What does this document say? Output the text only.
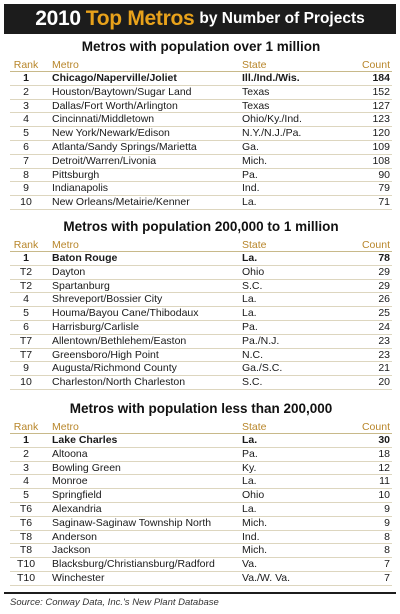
2010 Top Metros by Number of Projects
Metros with population over 1 million
Rank	Metro	State	Count
1	Chicago/Naperville/Joliet	Ill./Ind./Wis.	184
2	Houston/Baytown/Sugar Land	Texas	152
3	Dallas/Fort Worth/Arlington	Texas	127
4	Cincinnati/Middletown	Ohio/Ky./Ind.	123
5	New York/Newark/Edison	N.Y./N.J./Pa.	120
6	Atlanta/Sandy Springs/Marietta	Ga.	109
7	Detroit/Warren/Livonia	Mich.	108
8	Pittsburgh	Pa.	90
9	Indianapolis	Ind.	79
10	New Orleans/Metairie/Kenner	La.	71
Metros with population 200,000 to 1 million
Rank	Metro	State	Count
1	Baton Rouge	La.	78
T2	Dayton	Ohio	29
T2	Spartanburg	S.C.	29
4	Shreveport/Bossier City	La.	26
5	Houma/Bayou Cane/Thibodaux	La.	25
6	Harrisburg/Carlisle	Pa.	24
T7	Allentown/Bethlehem/Easton	Pa./N.J.	23
T7	Greensboro/High Point	N.C.	23
9	Augusta/Richmond County	Ga./S.C.	21
10	Charleston/North Charleston	S.C.	20
Metros with population less than 200,000
Rank	Metro	State	Count
1	Lake Charles	La.	30
2	Altoona	Pa.	18
3	Bowling Green	Ky.	12
4	Monroe	La.	11
5	Springfield	Ohio	10
T6	Alexandria	La.	9
T6	Saginaw-Saginaw Township North	Mich.	9
T8	Anderson	Ind.	8
T8	Jackson	Mich.	8
T10	Blacksburg/Christiansburg/Radford	Va.	7
T10	Winchester	Va./W. Va.	7
Source: Conway Data, Inc.'s New Plant Database
